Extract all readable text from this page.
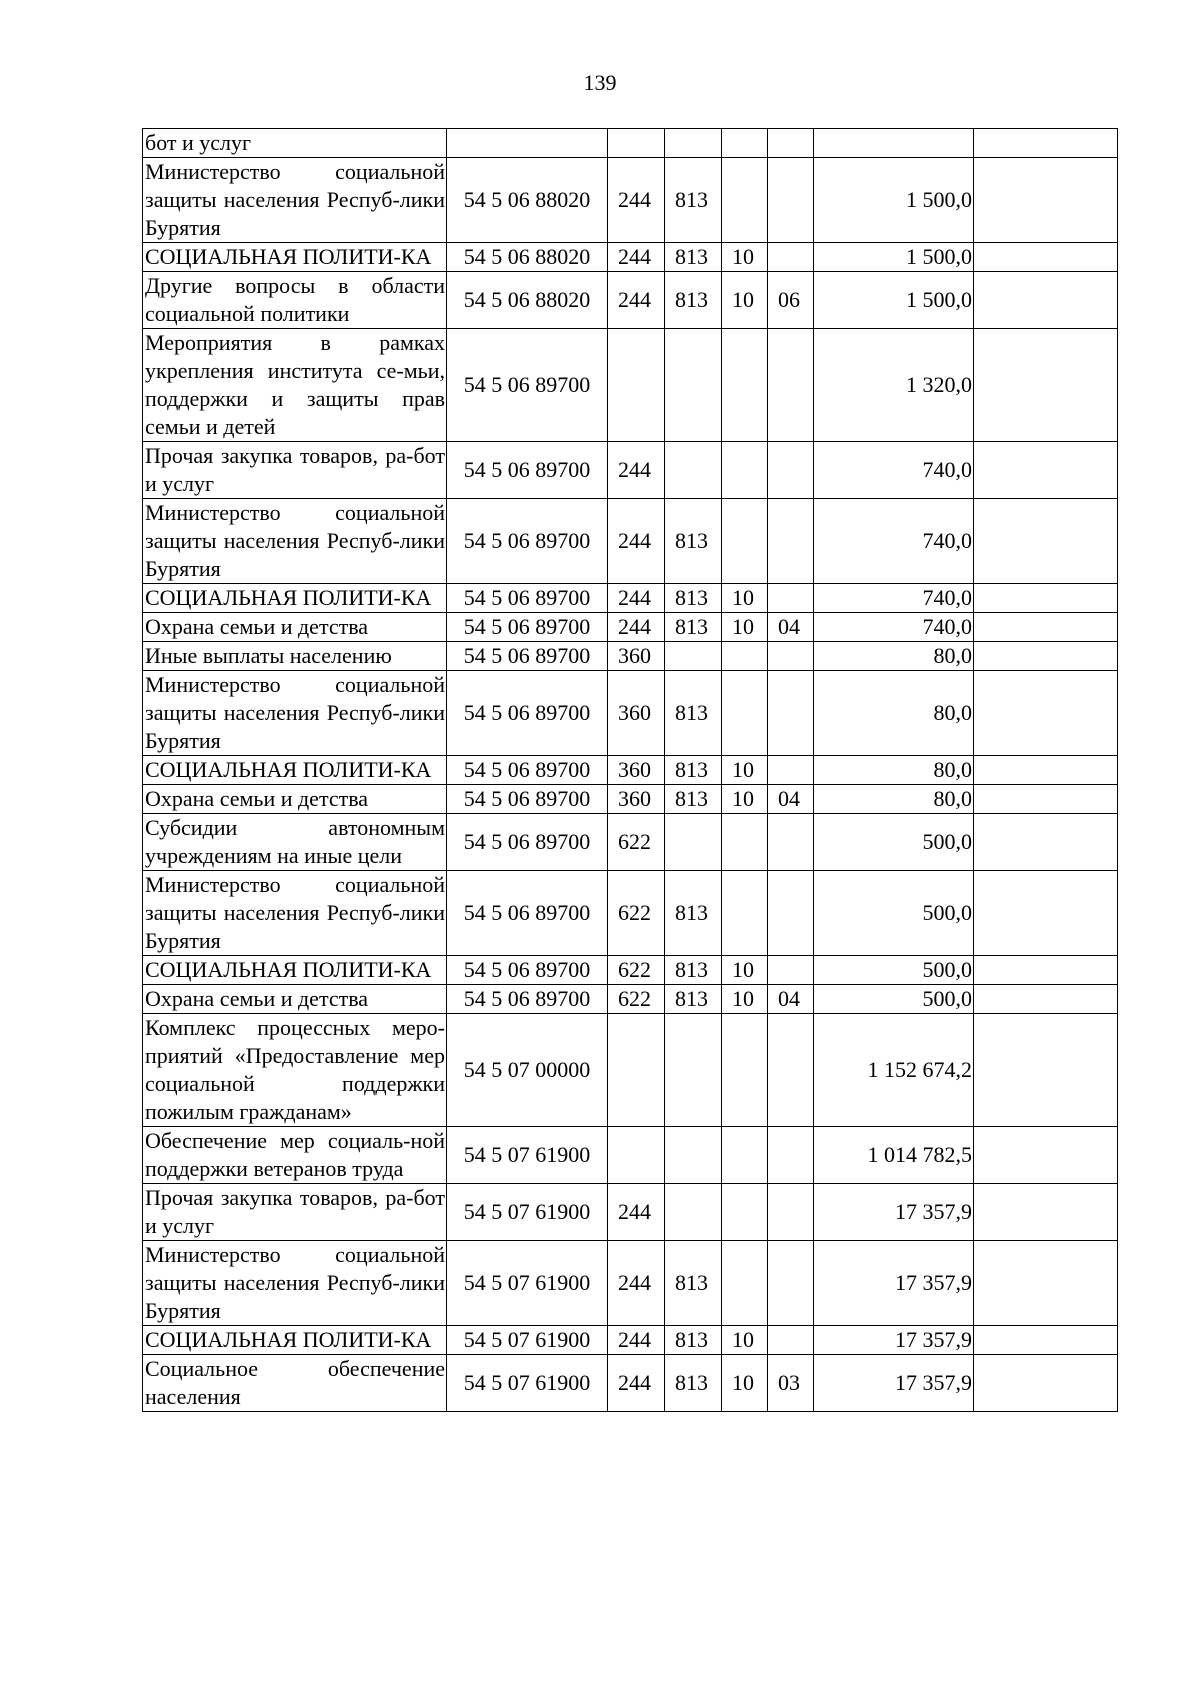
139
бот и услуг							
Министерство социальной защиты населения Респуб-лики Бурятия	54 5 06 88020	244	813			1 500,0	
СОЦИАЛЬНАЯ ПОЛИТИ-КА	54 5 06 88020	244	813	10		1 500,0	
Другие вопросы в области социальной политики	54 5 06 88020	244	813	10	06	1 500,0	
Мероприятия в рамках укрепления института се-мьи, поддержки и защиты прав семьи и детей	54 5 06 89700					1 320,0	
Прочая закупка товаров, ра-бот и услуг	54 5 06 89700	244				740,0	
Министерство социальной защиты населения Респуб-лики Бурятия	54 5 06 89700	244	813			740,0	
СОЦИАЛЬНАЯ ПОЛИТИ-КА	54 5 06 89700	244	813	10		740,0	
Охрана семьи и детства	54 5 06 89700	244	813	10	04	740,0	
Иные выплаты населению	54 5 06 89700	360				80,0	
Министерство социальной защиты населения Респуб-лики Бурятия	54 5 06 89700	360	813			80,0	
СОЦИАЛЬНАЯ ПОЛИТИ-КА	54 5 06 89700	360	813	10		80,0	
Охрана семьи и детства	54 5 06 89700	360	813	10	04	80,0	
Субсидии автономным учреждениям на иные цели	54 5 06 89700	622				500,0	
Министерство социальной защиты населения Респуб-лики Бурятия	54 5 06 89700	622	813			500,0	
СОЦИАЛЬНАЯ ПОЛИТИ-КА	54 5 06 89700	622	813	10		500,0	
Охрана семьи и детства	54 5 06 89700	622	813	10	04	500,0	
Комплекс процессных меро-приятий «Предоставление мер социальной поддержки пожилым гражданам»	54 5 07 00000					1 152 674,2	
Обеспечение мер социаль-ной поддержки ветеранов труда	54 5 07 61900					1 014 782,5	
Прочая закупка товаров, ра-бот и услуг	54 5 07 61900	244				17 357,9	
Министерство социальной защиты населения Респуб-лики Бурятия	54 5 07 61900	244	813			17 357,9	
СОЦИАЛЬНАЯ ПОЛИТИ-КА	54 5 07 61900	244	813	10		17 357,9	
Социальное обеспечение населения	54 5 07 61900	244	813	10	03	17 357,9	
